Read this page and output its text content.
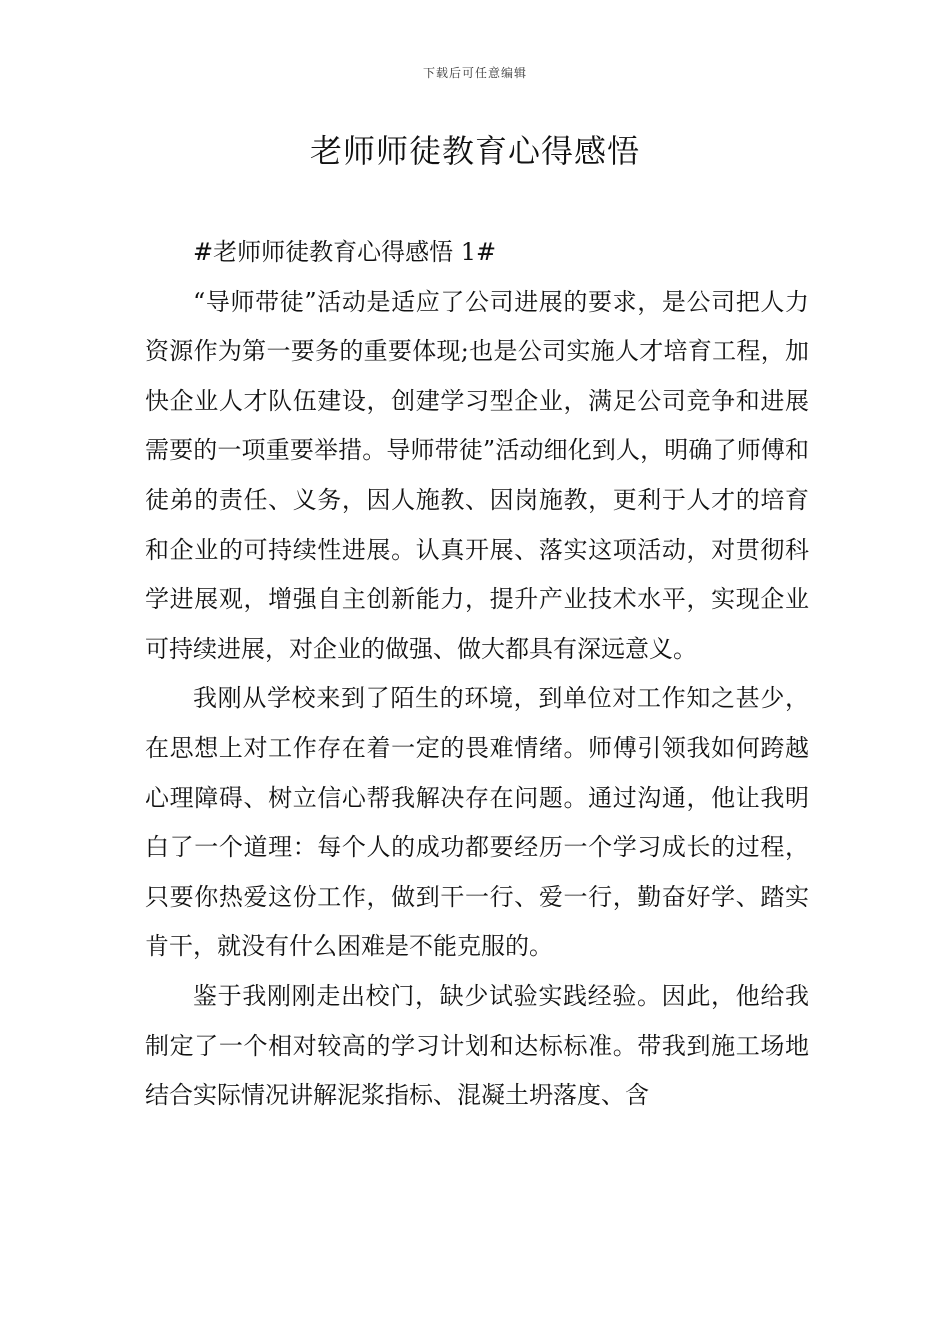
下载后可任意编辑
老师师徒教育心得感悟

#老师师徒教育心得感悟 1#

“导师带徒”活动是适应了公司进展的要求，是公司把人力资源作为第一要务的重要体现;也是公司实施人才培育工程，加快企业人才队伍建设，创建学习型企业，满足公司竞争和进展需要的一项重要举措。导师带徒”活动细化到人，明确了师傅和徒弟的责任、义务，因人施教、因岗施教，更利于人才的培育和企业的可持续性进展。认真开展、落实这项活动，对贯彻科学进展观，增强自主创新能力，提升产业技术水平，实现企业可持续进展，对企业的做强、做大都具有深远意义。

我刚从学校来到了陌生的环境，到单位对工作知之甚少，在思想上对工作存在着一定的畏难情绪。师傅引领我如何跨越心理障碍、树立信心帮我解决存在问题。通过沟通，他让我明白了一个道理：每个人的成功都要经历一个学习成长的过程，只要你热爱这份工作，做到干一行、爱一行，勤奋好学、踏实肯干，就没有什么困难是不能克服的。

鉴于我刚刚走出校门，缺少试验实践经验。因此，他给我制定了一个相对较高的学习计划和达标标准。带我到施工场地结合实际情况讲解泥浆指标、混凝土坍落度、含
